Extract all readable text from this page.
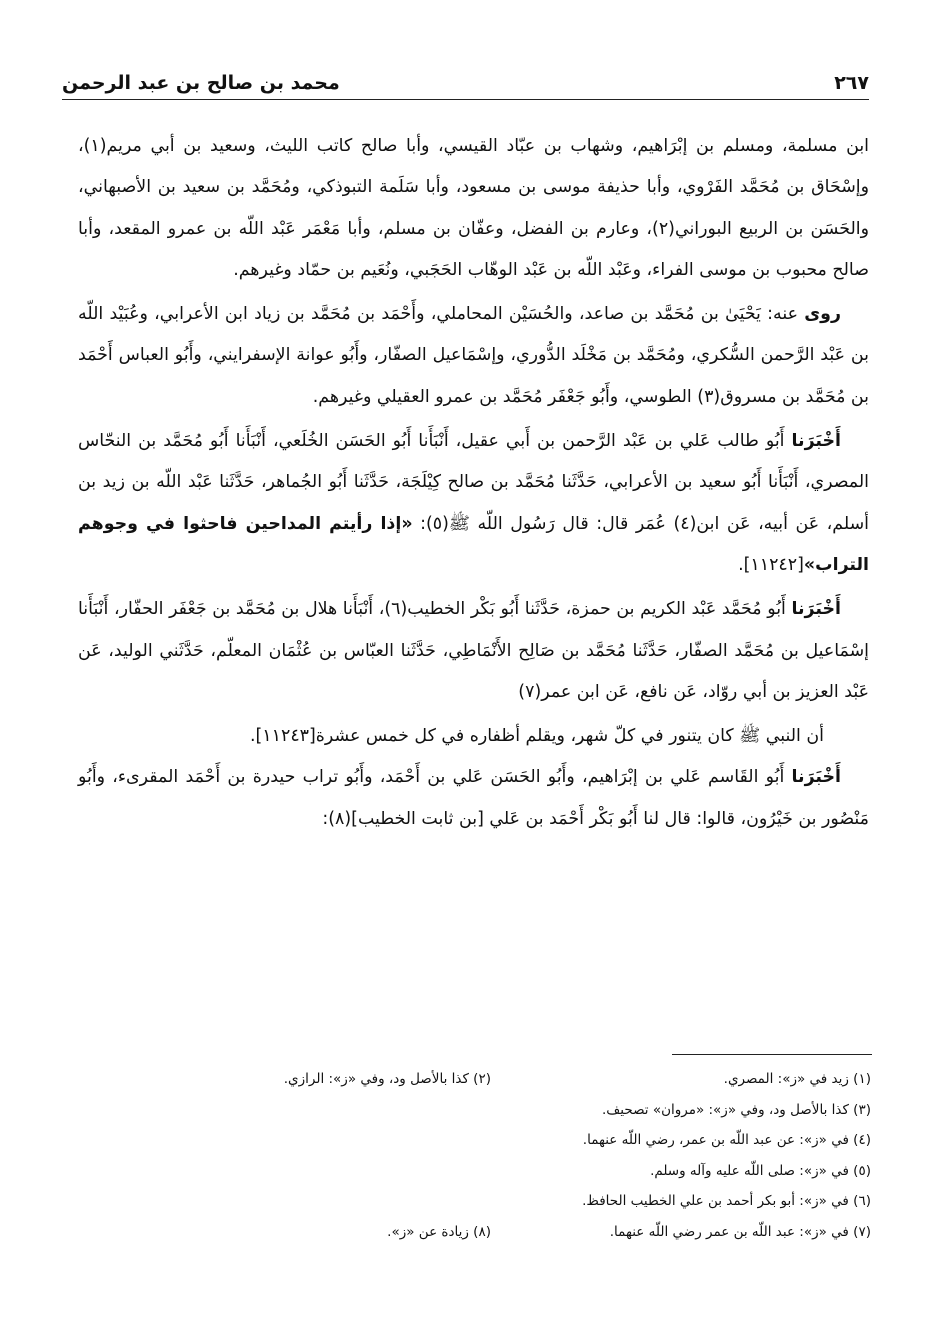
محمد بن صالح بن عبد الرحمن	٢٦٧

ابن مسلمة، ومسلم بن إبْرَاهيم، وشهاب بن عبّاد القيسي، وأبا صالح كاتب الليث، وسعيد بن أبي مريم(١)، وإسْحَاق بن مُحَمَّد الفَرْوي، وأبا حذيفة موسى بن مسعود، وأبا سَلَمة التبوذكي، ومُحَمَّد بن سعيد بن الأصبهاني، والحَسَن بن الربيع البوراني(٢)، وعارم بن الفضل، وعفّان بن مسلم، وأبا مَعْمَر عَبْد اللّه بن عمرو المقعد، وأبا صالح محبوب بن موسى الفراء، وعَبْد اللّه بن عَبْد الوهّاب الحَجَبي، ونُعَيم بن حمّاد وغيرهم.

روى عنه: يَحْيَىٰ بن مُحَمَّد بن صاعد، والحُسَيْن المحاملي، وأَحْمَد بن مُحَمَّد بن زياد ابن الأعرابي، وعُبَيْد اللّه بن عَبْد الرَّحمن السُّكري، ومُحَمَّد بن مَخْلَد الدُّوري، وإسْمَاعيل الصفّار، وأَبُو عوانة الإسفرايني، وأَبُو العباس أَحْمَد بن مُحَمَّد بن مسروق(٣) الطوسي، وأَبُو جَعْفَر مُحَمَّد بن عمرو العقيلي وغيرهم.

أَخْبَرَنا أَبُو طالب عَلي بن عَبْد الرَّحمن بن أَبي عقيل، أَنْبَأَنا أَبُو الحَسَن الخُلَعي، أَنْبَأَنا أَبُو مُحَمَّد بن النحّاس المصري، أَنْبَأَنا أَبُو سعيد بن الأعرابي، حَدَّثَنا مُحَمَّد بن صالح كِيْلَجَة، حَدَّثَنا أَبُو الجُماهر، حَدَّثَنا عَبْد اللّه بن زيد بن أسلم، عَن أبيه، عَن ابن(٤) عُمَر قال: قال رَسُول اللّه ﷺ(٥): «إذا رأيتم المداحين فاحثوا في وجوهم التراب»[١١٢٤٢].

أَخْبَرَنا أَبُو مُحَمَّد عَبْد الكريم بن حمزة، حَدَّثَنا أَبُو بَكْر الخطيب(٦)، أَنْبَأَنا هلال بن مُحَمَّد بن جَعْفَر الحفّار، أَنْبَأَنا إسْمَاعيل بن مُحَمَّد الصفّار، حَدَّثَنا مُحَمَّد بن صَالِح الأَنْمَاطِي، حَدَّثَنا العبّاس بن عُثْمَان المعلّم، حَدَّثَني الوليد، عَن عَبْد العزيز بن أبي روّاد، عَن نافع، عَن ابن عمر(٧)

أن النبي ﷺ كان يتنور في كلّ شهر، ويقلم أظفاره في كل خمس عشرة[١١٢٤٣].

أَخْبَرَنا أَبُو القَاسم عَلي بن إبْرَاهيم، وأَبُو الحَسَن عَلي بن أَحْمَد، وأَبُو تراب حيدرة بن أَحْمَد المقرىء، وأَبُو مَنْصُور بن خَيْرُون، قالوا: قال لنا أَبُو بَكْر أَحْمَد بن عَلي [بن ثابت الخطيب](٨):

(١) زيد في «ز»: المصري.
(٢) كذا بالأصل ود، وفي «ز»: الرازي.
(٣) كذا بالأصل ود، وفي «ز»: «مروان» تصحيف.
(٤) في «ز»: عن عبد اللّه بن عمر، رضي اللّه عنهما.
(٥) في «ز»: صلى اللّه عليه وآله وسلم.
(٦) في «ز»: أبو بكر أحمد بن علي الخطيب الحافظ.
(٧) في «ز»: عبد اللّه بن عمر رضي اللّه عنهما.
(٨) زيادة عن «ز».
